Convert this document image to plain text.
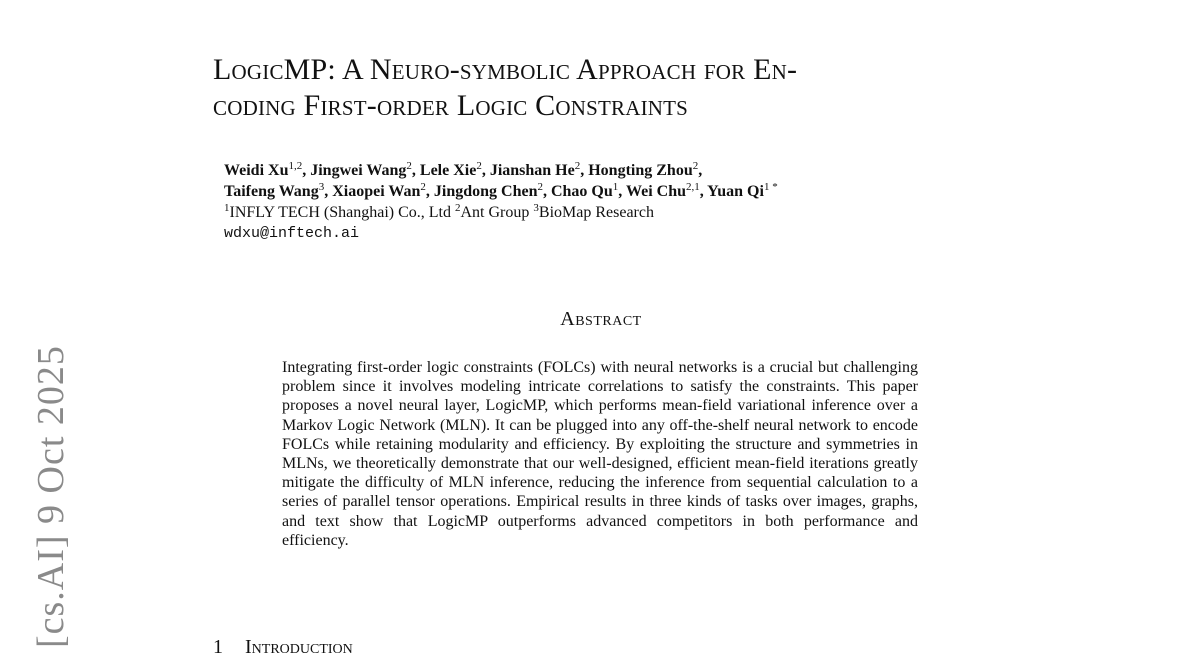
[cs.AI] 9 Oct 2025
LogicMP: A Neuro-symbolic Approach for En-
coding First-order Logic Constraints
Weidi Xu$^{1,2}$, Jingwei Wang$^2$, Lele Xie$^2$, Jianshan He$^2$, Hongting Zhou$^2$,
Taifeng Wang$^3$, Xiaopei Wan$^2$, Jingdong Chen$^2$, Chao Qu$^1$, Wei Chu$^{2,1}$, Yuan $Qi^{1 *}$
$^1$INFLY TECH (Shanghai) Co., Ltd $^2$Ant Group $^3$BioMap Research
wdxu@inftech.ai
Abstract

Integrating first-order logic constraints (FOLCs) with neural networks is a crucial but challenging problem since it involves modeling intricate correlations to satisfy the constraints. This paper proposes a novel neural layer, LogicMP, which performs mean-field variational inference over a Markov Logic Network (MLN). It can be plugged into any off-the-shelf neural network to encode FOLCs while retaining modularity and efficiency. By exploiting the structure and symmetries in MLNs, we theoretically demonstrate that our well-designed, efficient mean-field iterations greatly mitigate the difficulty of MLN inference, reducing the inference from sequential calculation to a series of parallel tensor operations. Empirical results in three kinds of tasks over images, graphs, and text show that LogicMP outperforms advanced competitors in both performance and efficiency.

1 Introduction
